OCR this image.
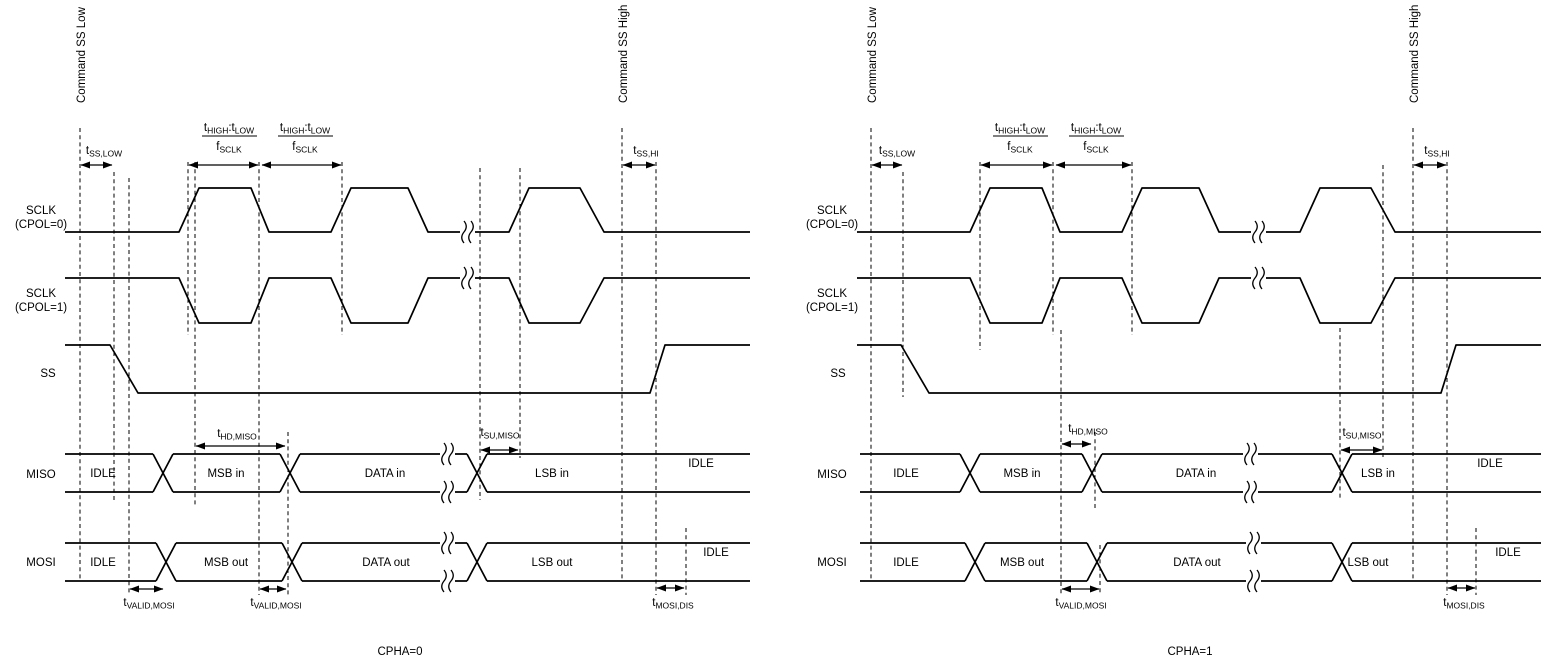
Command SS Low	Command SS High
SCLK
(CPOL=0)
SCLK
(CPOL=1)
SS
MISO
MOSI
IDLE	MSB in	DATA in	LSB in
IDLE
IDLE	MSB out	DATA out	LSB out
IDLE
$t_{SS,LOW}$
$t_{HIGH}:t_{LOW}$
$f_{SCLK}$
$t_{HIGH}:t_{LOW}$
$f_{SCLK}$	$t_{SS,HI}$
$t_{HD,MISO}$	$t_{SU,MISO}$
$t_{VALID,MOSI}$	$t_{VALID,MOSI}$	$t_{MOSI,DIS}$
CPHA=0
Command SS Low	Command SS High
SCLK
(CPOL=0)
SCLK
(CPOL=1)
SS
MISO
MOSI
IDLE	MSB in	DATA in	LSB in
IDLE
IDLE	MSB out	DATA out	LSB out
IDLE
$t_{SS,LOW}$
$t_{HIGH}:t_{LOW}$
$f_{SCLK}$
$t_{HIGH}:t_{LOW}$
$f_{SCLK}$	$t_{SS,HI}$
$t_{HD,MISO}$	$t_{SU,MISO}$
$t_{VALID,MOSI}$	$t_{MOSI,DIS}$
CPHA=1
